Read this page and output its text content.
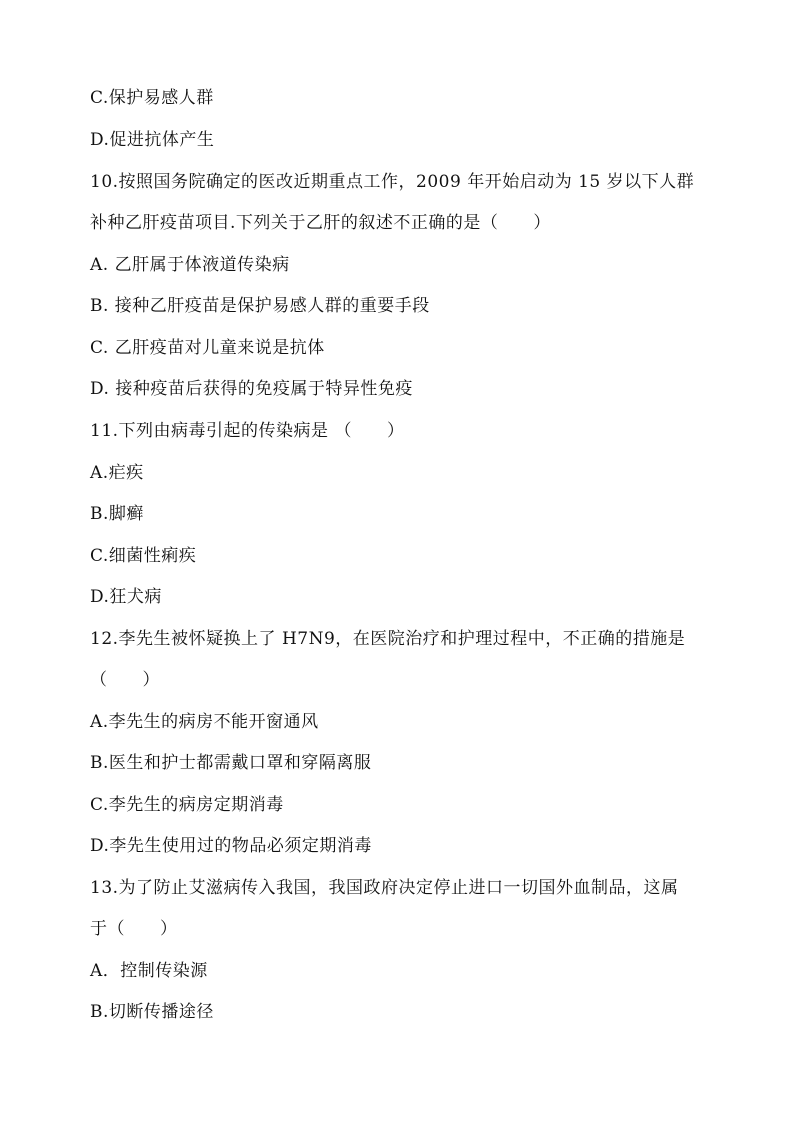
C.保护易感人群
D.促进抗体产生
10.按照国务院确定的医改近期重点工作，2009 年开始启动为 15 岁以下人群
补种乙肝疫苗项目.下列关于乙肝的叙述不正确的是（　　）
A. 乙肝属于体液道传染病
B. 接种乙肝疫苗是保护易感人群的重要手段
C. 乙肝疫苗对儿童来说是抗体
D. 接种疫苗后获得的免疫属于特异性免疫
11.下列由病毒引起的传染病是 （　　）
A.疟疾
B.脚癣
C.细菌性痢疾
D.狂犬病
12.李先生被怀疑换上了 H7N9，在医院治疗和护理过程中，不正确的措施是
（　　）
A.李先生的病房不能开窗通风
B.医生和护士都需戴口罩和穿隔离服
C.李先生的病房定期消毒
D.李先生使用过的物品必须定期消毒
13.为了防止艾滋病传入我国，我国政府决定停止进口一切国外血制品，这属
于（　　）
A．控制传染源
B.切断传播途径
